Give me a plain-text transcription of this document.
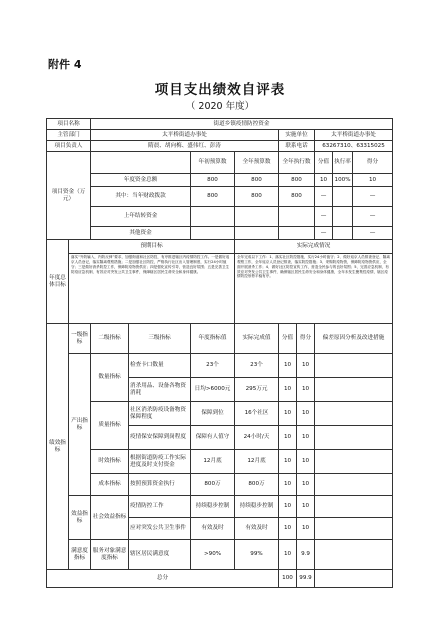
附件 4
项目支出绩效自评表
（ 2020 年度）
项目名称		街道乡镇疫情防控资金								
主管部门		太平桥街道办事处				实施单位		太平桥街道办事处		
项目负责人		隋晨、胡向梅、盛伟红、彭涛				联系电话		63267310、63315025		
项目资金（万元）				年初预算数	全年预算数	全年执行数		分值	执行率	得分
		年度资金总额		800	800	800		10	100%	10
		其中：当年财政拨款		800	800	800		—		—
		上年结转资金						—		—
		其他资金						—		—
年度总体目标	预期目标				实际完成情况					
	落实“外防输入，内防反弹”要求，加强街道和社区防控，有序推进辖区内疫情防控工作。一是做好返京人员登记，落实隔离观察措施；二是加强社区防控，严格执行社区出入管理制度，实行24小时值守；三是做好消杀防控工作，保障防疫物资供应；四是强化宣传引导，营造良好氛围；五是完善卫生防疫应急机制，有效应对突发公共卫生事件，保障辖区居民生命安全和身体健康。				全年完成以下工作：1、落实社区防控措施，实行24小时值守；2、做好返京人员排查登记、隔离观察工作，全年返京人员登记排查，落实防控措施；3、采购防疫物资，保障防疫物资供应，全面开展消杀工作；4、做好社区防控宣传工作，营造全民参与的良好氛围；5、完善应急机制，有效应对突发公共卫生事件，确保辖区居民生命安全和身体健康，全年未发生聚集性疫情，辖区疫情防控形势平稳有序。					
绩效指标	一级指标	二级指标	三级指标	年度指标值	实际完成值	分值	得分	偏差原因分析及改进措施		
	产出指标	数量指标	检查卡口数量	23个	23个	10	10			
			消杀用品、设备各物资消耗	日均>6000元	295万元	10	10			
		质量指标	社区消杀防疫设备物资保障程度	保障到位	16个社区	10	10			
			疫情保安保障到岗程度	保障有人值守	24小时/天	10	10			
		时效指标	根据街道防疫工作实际进度及时支付资金	12月底	12月底	10	10			
		成本指标	按照预算资金执行	800万	800万	10	10			
	效益指标	社会效益指标	疫情防控工作	持续稳步控制	持续稳步控制	10	10			
			应对突发公共卫生事件	有效及时	有效及时	10	10			
	满意度指标	服务对象满意度指标	辖区居民满意度	>90%	99%	10	9.9			
总分						100	99.9			
